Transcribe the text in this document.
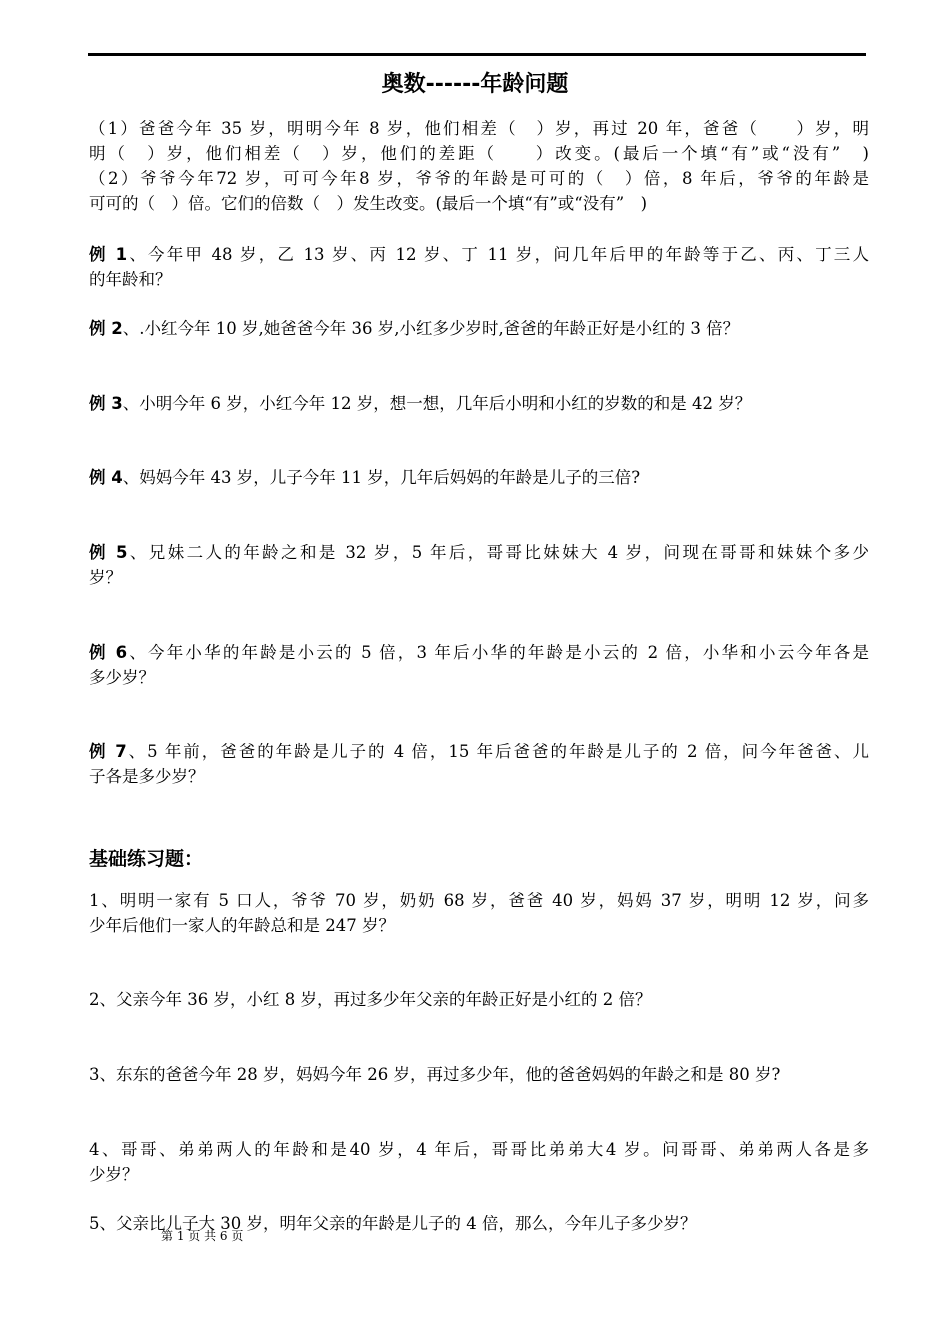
奥数------年龄问题
（1）爸爸今年 35 岁，明明今年 8 岁，他们相差（　）岁，再过 20 年，爸爸（　　）岁，明
明（　）岁，他们相差（　）岁，他们的差距（　　）改变。(最后一个填“有”或“没有”　)
（2）爷爷今年72 岁，可可今年8 岁，爷爷的年龄是可可的（　）倍，8 年后，爷爷的年龄是
可可的（　）倍。它们的倍数（　）发生改变。(最后一个填“有”或“没有”　)
例 1、今年甲 48 岁，乙 13 岁、丙 12 岁、丁 11 岁，问几年后甲的年龄等于乙、丙、丁三人
的年龄和？
例 2、.小红今年 10 岁,她爸爸今年 36 岁,小红多少岁时,爸爸的年龄正好是小红的 3 倍？
例 3、小明今年 6 岁，小红今年 12 岁，想一想，几年后小明和小红的岁数的和是 42 岁？
例 4、妈妈今年 43 岁，儿子今年 11 岁，几年后妈妈的年龄是儿子的三倍?
例 5、兄妹二人的年龄之和是 32 岁，5 年后，哥哥比妹妹大 4 岁，问现在哥哥和妹妹个多少
岁？
例 6、今年小华的年龄是小云的 5 倍，3 年后小华的年龄是小云的 2 倍，小华和小云今年各是
多少岁？
例 7、5 年前，爸爸的年龄是儿子的 4 倍，15 年后爸爸的年龄是儿子的 2 倍，问今年爸爸、儿
子各是多少岁？
基础练习题：
1、明明一家有 5 口人，爷爷 70 岁，奶奶 68 岁，爸爸 40 岁，妈妈 37 岁，明明 12 岁，问多
少年后他们一家人的年龄总和是 247 岁？
2、父亲今年 36 岁，小红 8 岁，再过多少年父亲的年龄正好是小红的 2 倍？
3、东东的爸爸今年 28 岁，妈妈今年 26 岁，再过多少年，他的爸爸妈妈的年龄之和是 80 岁?
4、哥哥、弟弟两人的年龄和是40 岁，4 年后，哥哥比弟弟大4 岁。问哥哥、弟弟两人各是多
少岁？
5、父亲比儿子大 30 岁，明年父亲的年龄是儿子的 4 倍，那么，今年儿子多少岁？
第 1 页 共 6 页
